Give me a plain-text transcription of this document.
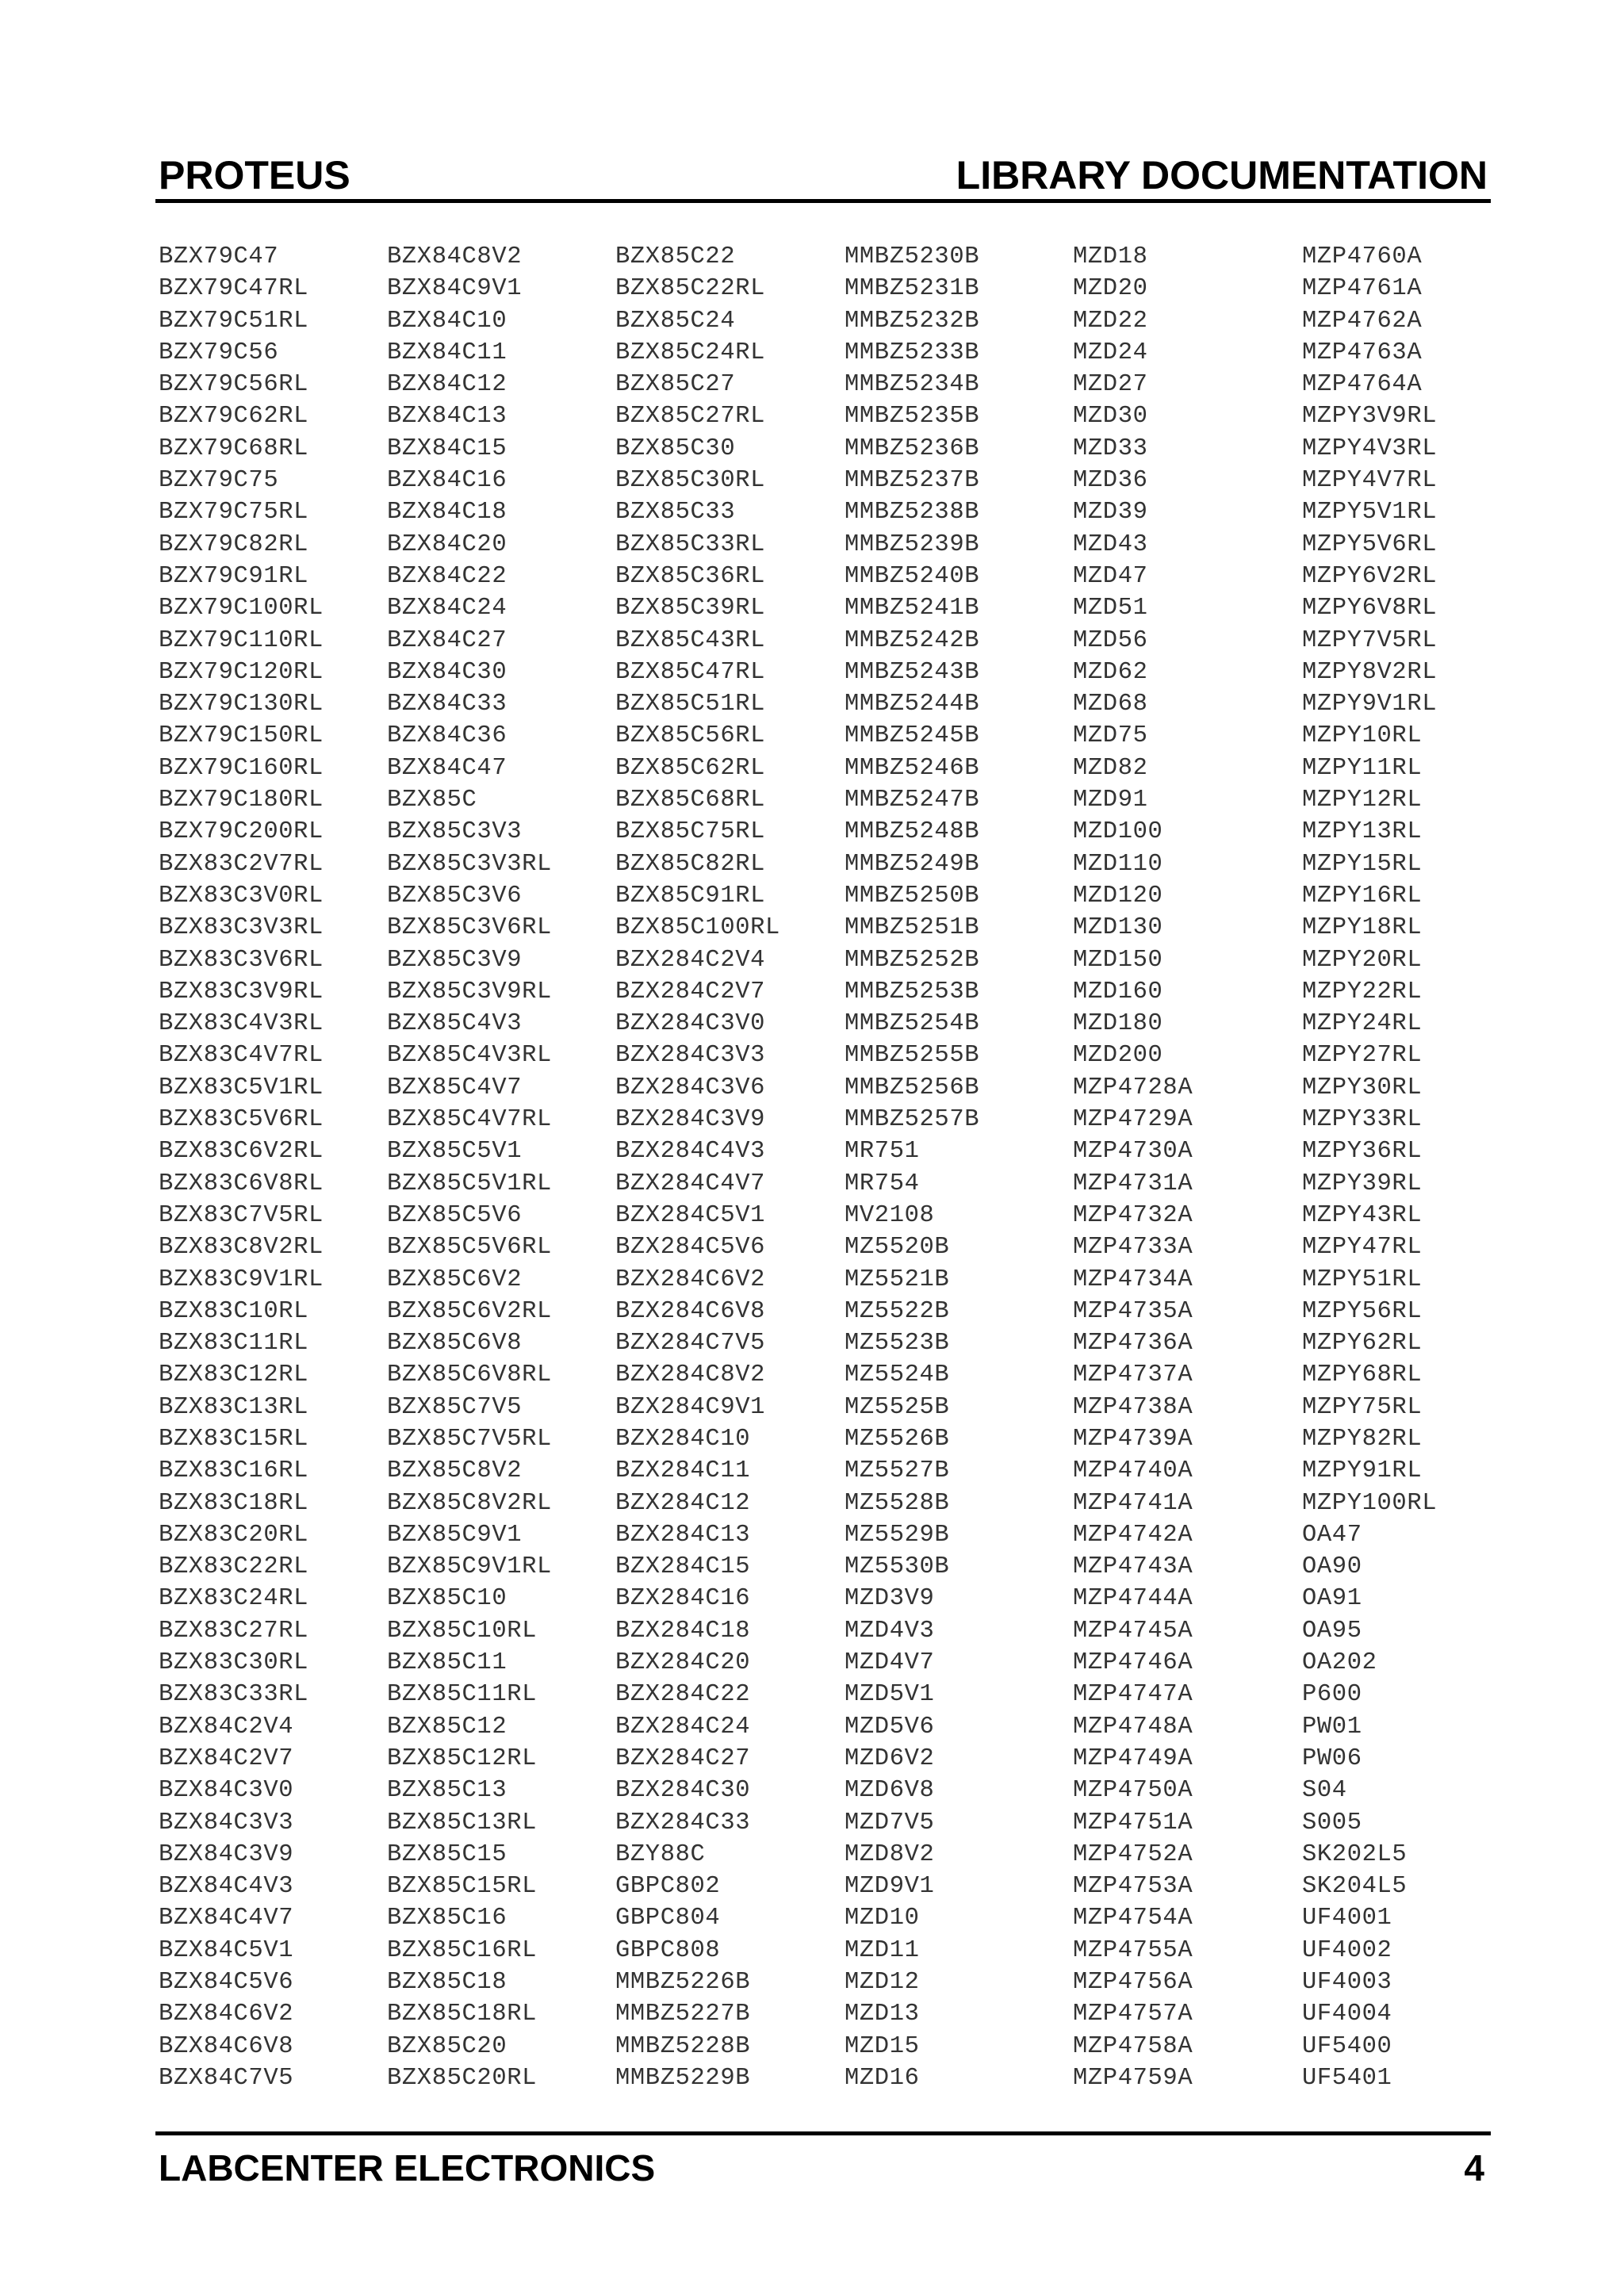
PROTEUS	LIBRARY DOCUMENTATION
BZX79C47
BZX79C47RL
BZX79C51RL
BZX79C56
BZX79C56RL
BZX79C62RL
BZX79C68RL
BZX79C75
BZX79C75RL
BZX79C82RL
BZX79C91RL
BZX79C100RL
BZX79C110RL
BZX79C120RL
BZX79C130RL
BZX79C150RL
BZX79C160RL
BZX79C180RL
BZX79C200RL
BZX83C2V7RL
BZX83C3V0RL
BZX83C3V3RL
BZX83C3V6RL
BZX83C3V9RL
BZX83C4V3RL
BZX83C4V7RL
BZX83C5V1RL
BZX83C5V6RL
BZX83C6V2RL
BZX83C6V8RL
BZX83C7V5RL
BZX83C8V2RL
BZX83C9V1RL
BZX83C10RL
BZX83C11RL
BZX83C12RL
BZX83C13RL
BZX83C15RL
BZX83C16RL
BZX83C18RL
BZX83C20RL
BZX83C22RL
BZX83C24RL
BZX83C27RL
BZX83C30RL
BZX83C33RL
BZX84C2V4
BZX84C2V7
BZX84C3V0
BZX84C3V3
BZX84C3V9
BZX84C4V3
BZX84C4V7
BZX84C5V1
BZX84C5V6
BZX84C6V2
BZX84C6V8
BZX84C7V5
BZX84C8V2
BZX84C9V1
BZX84C10
BZX84C11
BZX84C12
BZX84C13
BZX84C15
BZX84C16
BZX84C18
BZX84C20
BZX84C22
BZX84C24
BZX84C27
BZX84C30
BZX84C33
BZX84C36
BZX84C47
BZX85C
BZX85C3V3
BZX85C3V3RL
BZX85C3V6
BZX85C3V6RL
BZX85C3V9
BZX85C3V9RL
BZX85C4V3
BZX85C4V3RL
BZX85C4V7
BZX85C4V7RL
BZX85C5V1
BZX85C5V1RL
BZX85C5V6
BZX85C5V6RL
BZX85C6V2
BZX85C6V2RL
BZX85C6V8
BZX85C6V8RL
BZX85C7V5
BZX85C7V5RL
BZX85C8V2
BZX85C8V2RL
BZX85C9V1
BZX85C9V1RL
BZX85C10
BZX85C10RL
BZX85C11
BZX85C11RL
BZX85C12
BZX85C12RL
BZX85C13
BZX85C13RL
BZX85C15
BZX85C15RL
BZX85C16
BZX85C16RL
BZX85C18
BZX85C18RL
BZX85C20
BZX85C20RL
BZX85C22
BZX85C22RL
BZX85C24
BZX85C24RL
BZX85C27
BZX85C27RL
BZX85C30
BZX85C30RL
BZX85C33
BZX85C33RL
BZX85C36RL
BZX85C39RL
BZX85C43RL
BZX85C47RL
BZX85C51RL
BZX85C56RL
BZX85C62RL
BZX85C68RL
BZX85C75RL
BZX85C82RL
BZX85C91RL
BZX85C100RL
BZX284C2V4
BZX284C2V7
BZX284C3V0
BZX284C3V3
BZX284C3V6
BZX284C3V9
BZX284C4V3
BZX284C4V7
BZX284C5V1
BZX284C5V6
BZX284C6V2
BZX284C6V8
BZX284C7V5
BZX284C8V2
BZX284C9V1
BZX284C10
BZX284C11
BZX284C12
BZX284C13
BZX284C15
BZX284C16
BZX284C18
BZX284C20
BZX284C22
BZX284C24
BZX284C27
BZX284C30
BZX284C33
BZY88C
GBPC802
GBPC804
GBPC808
MMBZ5226B
MMBZ5227B
MMBZ5228B
MMBZ5229B
MMBZ5230B
MMBZ5231B
MMBZ5232B
MMBZ5233B
MMBZ5234B
MMBZ5235B
MMBZ5236B
MMBZ5237B
MMBZ5238B
MMBZ5239B
MMBZ5240B
MMBZ5241B
MMBZ5242B
MMBZ5243B
MMBZ5244B
MMBZ5245B
MMBZ5246B
MMBZ5247B
MMBZ5248B
MMBZ5249B
MMBZ5250B
MMBZ5251B
MMBZ5252B
MMBZ5253B
MMBZ5254B
MMBZ5255B
MMBZ5256B
MMBZ5257B
MR751
MR754
MV2108
MZ5520B
MZ5521B
MZ5522B
MZ5523B
MZ5524B
MZ5525B
MZ5526B
MZ5527B
MZ5528B
MZ5529B
MZ5530B
MZD3V9
MZD4V3
MZD4V7
MZD5V1
MZD5V6
MZD6V2
MZD6V8
MZD7V5
MZD8V2
MZD9V1
MZD10
MZD11
MZD12
MZD13
MZD15
MZD16
MZD18
MZD20
MZD22
MZD24
MZD27
MZD30
MZD33
MZD36
MZD39
MZD43
MZD47
MZD51
MZD56
MZD62
MZD68
MZD75
MZD82
MZD91
MZD100
MZD110
MZD120
MZD130
MZD150
MZD160
MZD180
MZD200
MZP4728A
MZP4729A
MZP4730A
MZP4731A
MZP4732A
MZP4733A
MZP4734A
MZP4735A
MZP4736A
MZP4737A
MZP4738A
MZP4739A
MZP4740A
MZP4741A
MZP4742A
MZP4743A
MZP4744A
MZP4745A
MZP4746A
MZP4747A
MZP4748A
MZP4749A
MZP4750A
MZP4751A
MZP4752A
MZP4753A
MZP4754A
MZP4755A
MZP4756A
MZP4757A
MZP4758A
MZP4759A
MZP4760A
MZP4761A
MZP4762A
MZP4763A
MZP4764A
MZPY3V9RL
MZPY4V3RL
MZPY4V7RL
MZPY5V1RL
MZPY5V6RL
MZPY6V2RL
MZPY6V8RL
MZPY7V5RL
MZPY8V2RL
MZPY9V1RL
MZPY10RL
MZPY11RL
MZPY12RL
MZPY13RL
MZPY15RL
MZPY16RL
MZPY18RL
MZPY20RL
MZPY22RL
MZPY24RL
MZPY27RL
MZPY30RL
MZPY33RL
MZPY36RL
MZPY39RL
MZPY43RL
MZPY47RL
MZPY51RL
MZPY56RL
MZPY62RL
MZPY68RL
MZPY75RL
MZPY82RL
MZPY91RL
MZPY100RL
OA47
OA90
OA91
OA95
OA202
P600
PW01
PW06
S04
S005
SK202L5
SK204L5
UF4001
UF4002
UF4003
UF4004
UF5400
UF5401
LABCENTER ELECTRONICS	4
